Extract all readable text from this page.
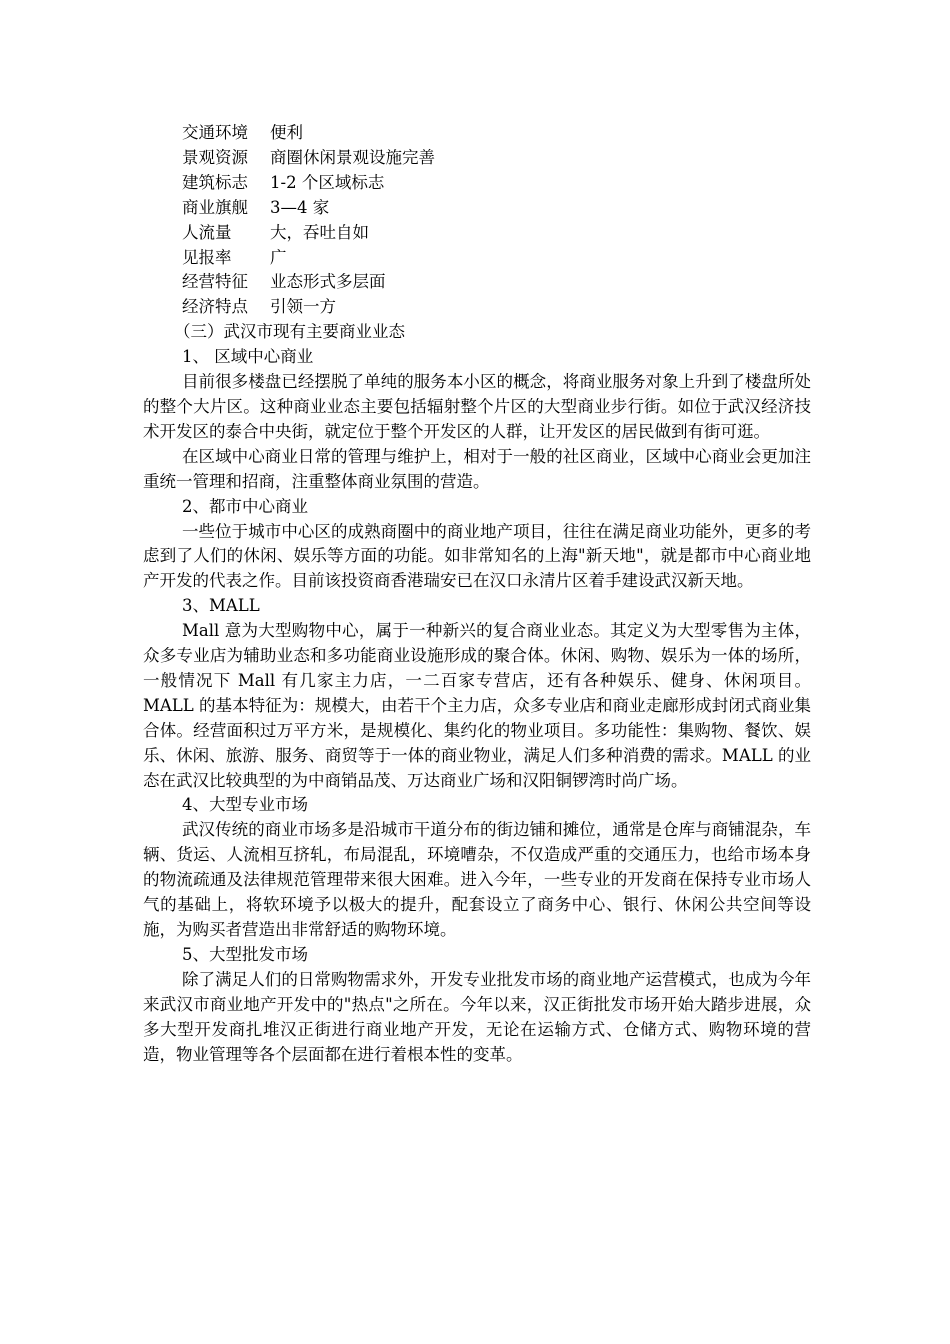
交通环境	便利
景观资源	商圈休闲景观设施完善
建筑标志	1-2 个区域标志
商业旗舰	3—4 家
人流量	大，吞吐自如
见报率	广
经营特征	业态形式多层面
经济特点	引领一方
（三）武汉市现有主要商业业态
1、 区域中心商业

目前很多楼盘已经摆脱了单纯的服务本小区的概念，将商业服务对象上升到了楼盘所处的整个大片区。这种商业业态主要包括辐射整个片区的大型商业步行街。如位于武汉经济技术开发区的泰合中央街，就定位于整个开发区的人群，让开发区的居民做到有街可逛。

在区域中心商业日常的管理与维护上，相对于一般的社区商业，区域中心商业会更加注重统一管理和招商，注重整体商业氛围的营造。

2、都市中心商业

一些位于城市中心区的成熟商圈中的商业地产项目，往往在满足商业功能外，更多的考虑到了人们的休闲、娱乐等方面的功能。如非常知名的上海"新天地"，就是都市中心商业地产开发的代表之作。目前该投资商香港瑞安已在汉口永清片区着手建设武汉新天地。

3、MALL

Mall 意为大型购物中心，属于一种新兴的复合商业业态。其定义为大型零售为主体，众多专业店为辅助业态和多功能商业设施形成的聚合体。休闲、购物、娱乐为一体的场所，一般情况下 Mall 有几家主力店，一二百家专营店，还有各种娱乐、健身、休闲项目。MALL 的基本特征为：规模大，由若干个主力店，众多专业店和商业走廊形成封闭式商业集合体。经营面积过万平方米，是规模化、集约化的物业项目。多功能性：集购物、餐饮、娱乐、休闲、旅游、服务、商贸等于一体的商业物业，满足人们多种消费的需求。MALL 的业态在武汉比较典型的为中商销品茂、万达商业广场和汉阳铜锣湾时尚广场。

4、大型专业市场

武汉传统的商业市场多是沿城市干道分布的街边铺和摊位，通常是仓库与商铺混杂，车辆、货运、人流相互挤轧，布局混乱，环境嘈杂，不仅造成严重的交通压力，也给市场本身的物流疏通及法律规范管理带来很大困难。进入今年，一些专业的开发商在保持专业市场人气的基础上，将软环境予以极大的提升，配套设立了商务中心、银行、休闲公共空间等设施，为购买者营造出非常舒适的购物环境。

5、大型批发市场

除了满足人们的日常购物需求外，开发专业批发市场的商业地产运营模式，也成为今年来武汉市商业地产开发中的"热点"之所在。今年以来，汉正街批发市场开始大踏步进展，众多大型开发商扎堆汉正街进行商业地产开发，无论在运输方式、仓储方式、购物环境的营造，物业管理等各个层面都在进行着根本性的变革。
